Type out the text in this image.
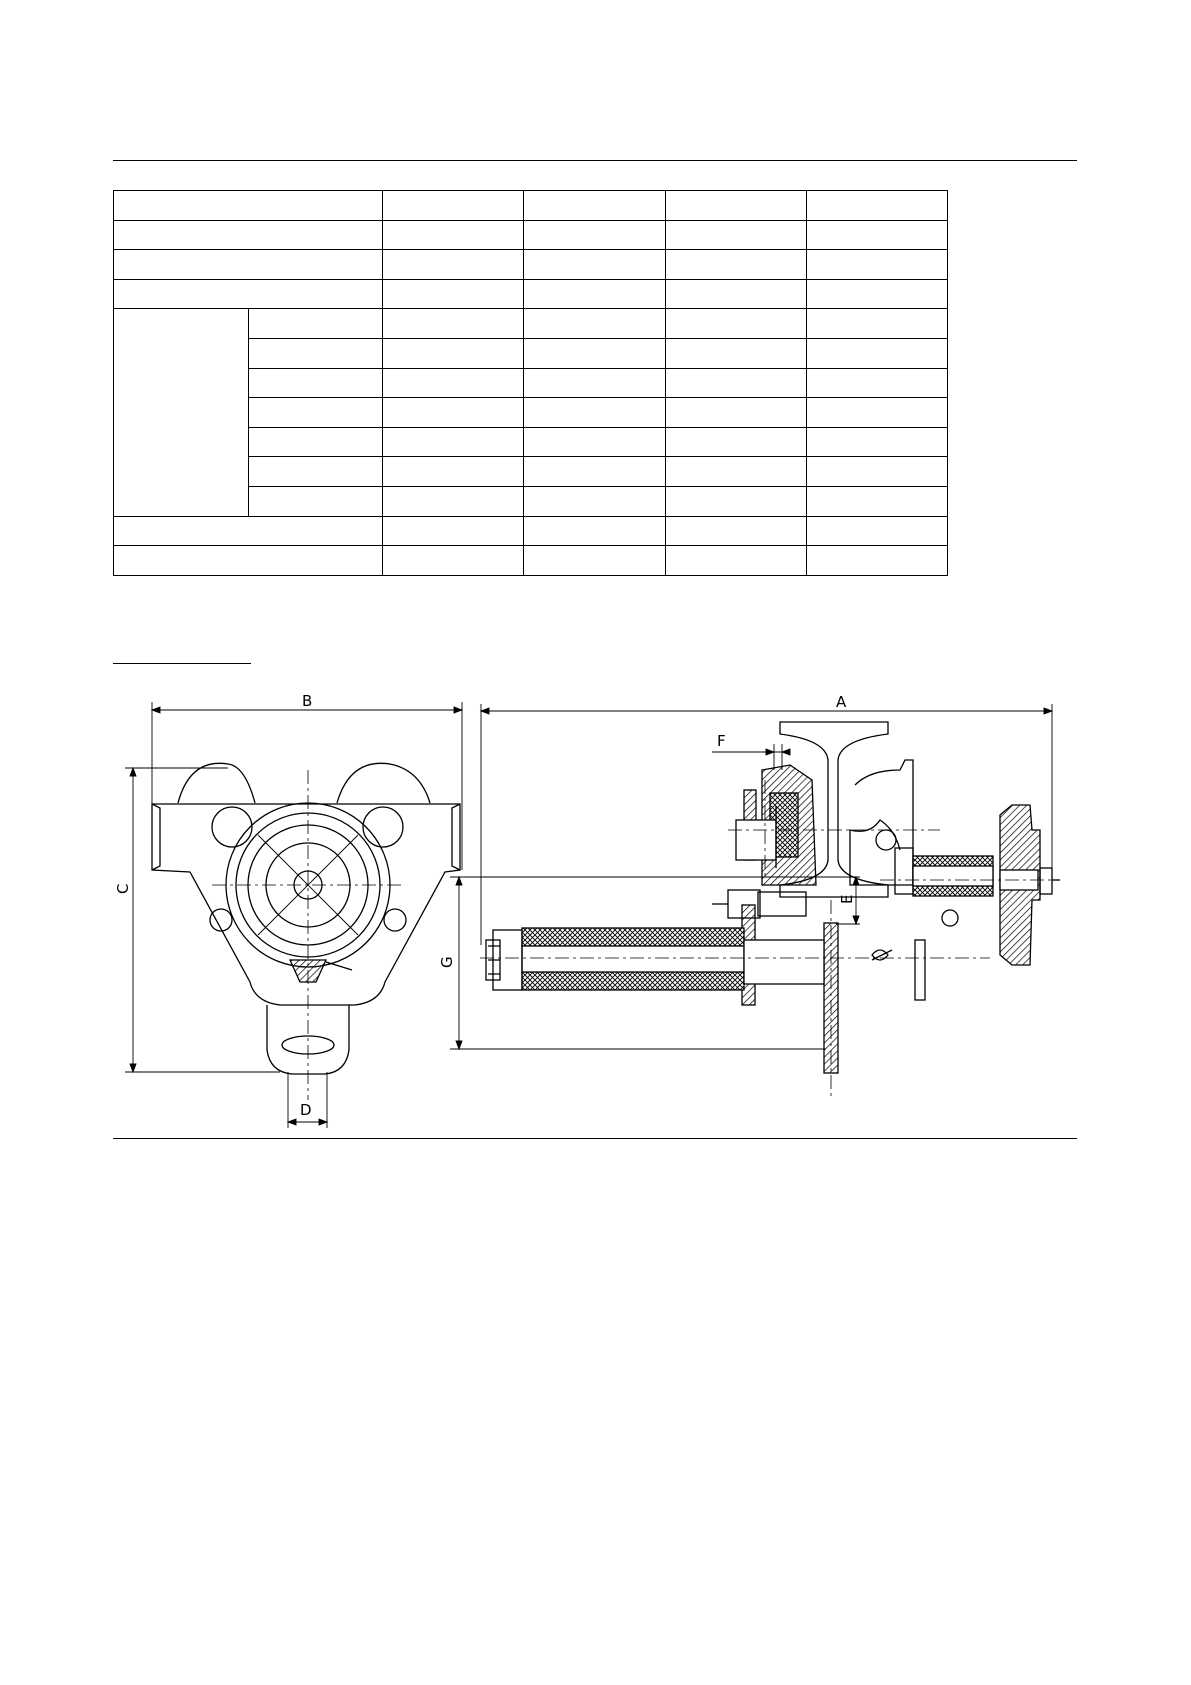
B	A
C
D
E
F
G
